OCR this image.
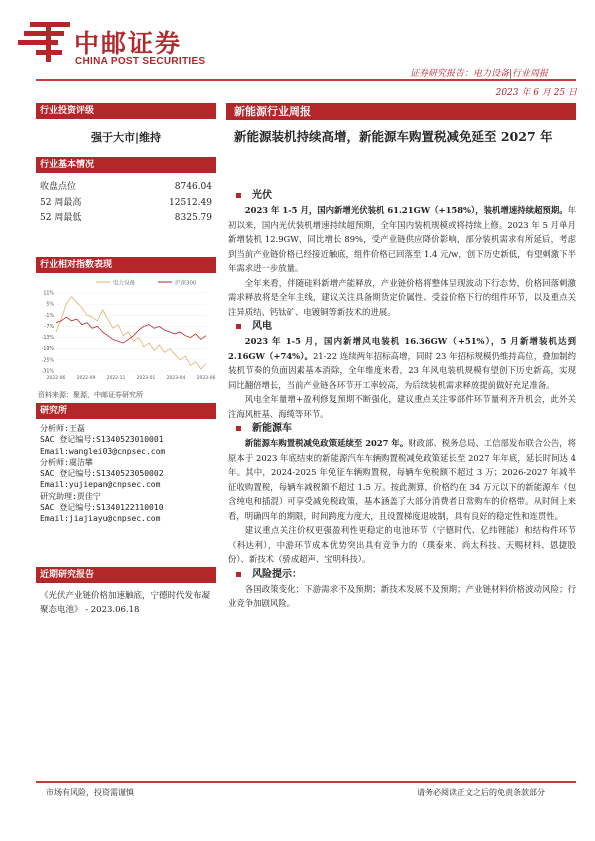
中邮证券
CHINA POST SECURITIES
证券研究报告：电力设备|行业周报
2023 年 6 月 25 日
行业投资评级
强于大市|维持
行业基本情况
收盘点位	8746.04
52 周最高	12512.49
52 周最低	8325.79
行业相对指数表现
电力设备	沪深300
11%
5%
-1%
-7%
-13%
-19%
-25%
-31%
2022-06 2022-09 2022-11 2023-01 2023-04 2023-06
资料来源：聚源，中邮证券研究所
研究所
分析师:王磊
SAC 登记编号:S1340523010001
Email:wanglei03@cnpsec.com
分析师:虞洁攀
SAC 登记编号:S1340523050002
Email:yujiepan@cnpsec.com
研究助理:贾佳宁
SAC 登记编号:S1340122110010
Email:jiajiayu@cnpsec.com
近期研究报告
《光伏产业链价格加速触底，宁德时代发布凝聚态电池》 - 2023.06.18
新能源行业周报
新能源装机持续高增，新能源车购置税减免延至 2027 年
光伏
2023 年 1-5 月，国内新增光伏装机 61.21GW（+158%），装机增速持续超预期。年初以来，国内光伏装机增速持续超预期，全年国内装机规模或将持续上修。2023 年 5 月单月新增装机 12.9GW，同比增长 89%，受产业链供应降价影响，部分装机需求有所延后，考虑到当前产业链价格已经接近触底，组件价格已回落至 1.4 元/w，创下历史新低，有望刺激下半年需求进一步放量。
全年来看，伴随硅料新增产能释放，产业链价格将整体呈现波动下行态势，价格回落刺激需求释放将是全年主线，建议关注具备期货定价属性、受益价格下行的组件环节，以及重点关注异质结、钙钛矿、电镀铜等新技术的进展。
风电
2023 年 1-5 月，国内新增风电装机 16.36GW（+51%），5 月新增装机达到 2.16GW（+74%）。21-22 连续两年招标高增，同时 23 年招标规模仍维持高位，叠加制约装机节奏的负面因素基本消除，全年维度来看，23 年风电装机规模有望创下历史新高，实现同比翻倍增长，当前产业链各环节开工率较高，为后续装机需求释放提前做好充足准备。
风电全年量增+盈利修复预期不断强化，建议重点关注零部件环节量利齐升机会，此外关注海风桩基、海缆等环节。
新能源车
新能源车购置税减免政策延续至 2027 年。财政部、税务总局、工信部发布联合公告，将原本于 2023 年底结束的新能源汽车车辆购置税减免政策延长至 2027 年年底，延长时间达 4 年。其中，2024-2025 年免征车辆购置税，每辆车免税额不超过 3 万；2026-2027 年减半征收购置税，每辆车减税额不超过 1.5 万。按此测算，价格约在 34 万元以下的新能源车（包含纯电和插混）可享受减免税政策，基本涵盖了大部分消费者日常购车的价格带。从时间上来看，明确四年的期限，时间跨度力度大，且设置梯度退坡制，具有良好的稳定性和连贯性。
建议重点关注价权更强盈利性更稳定的电池环节（宁德时代、亿纬锂能）和结构件环节（科达利），中游环节成本优势突出具有竞争力的（璞泰来、尚太科技、天赐材料、恩捷股份）、新技术（骄成超声、宝明科技）。
风险提示：
各国政策变化；下游需求不及预期；新技术发展不及预期；产业链材料价格波动风险；行业竞争加剧风险。
市场有风险，投资需谨慎	请务必阅读正文之后的免责条款部分
